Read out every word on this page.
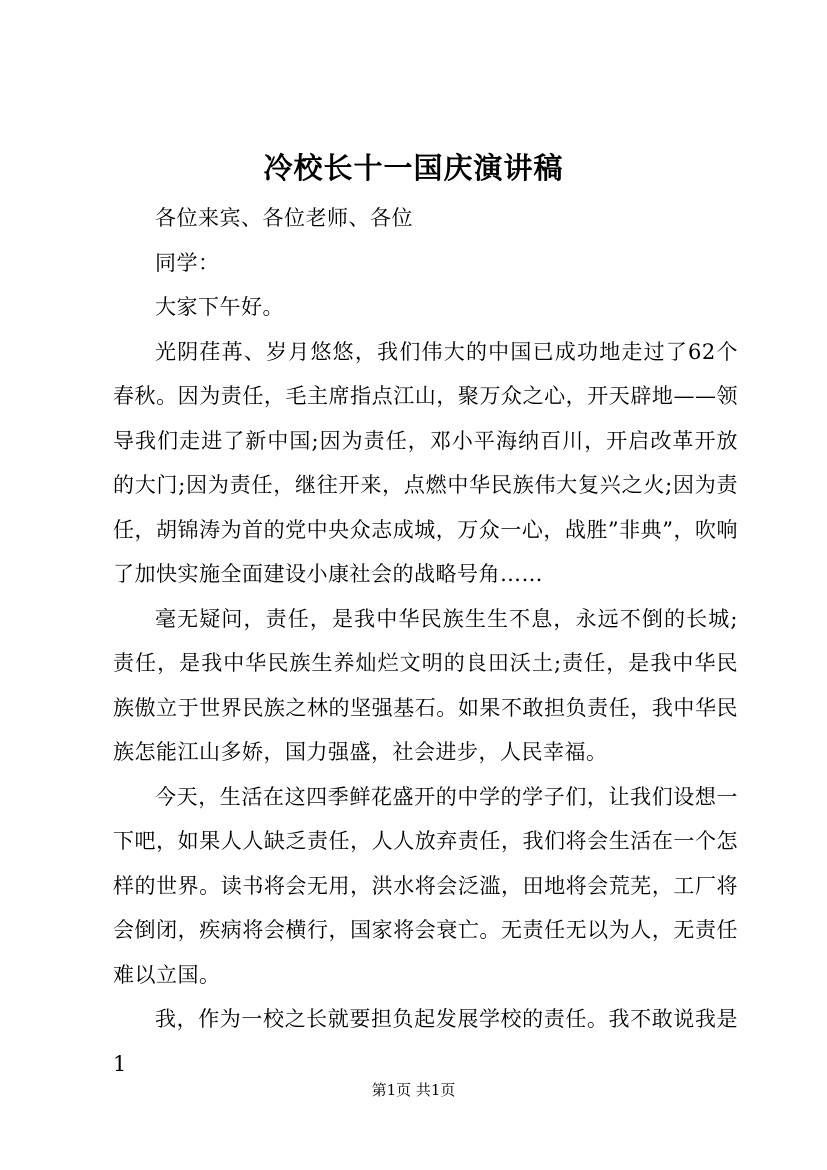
冷校长十一国庆演讲稿

各位来宾、各位老师、各位

同学：

大家下午好。

光阴荏苒、岁月悠悠，我们伟大的中国已成功地走过了62个春秋。因为责任，毛主席指点江山，聚万众之心，开天辟地——领导我们走进了新中国;因为责任，邓小平海纳百川，开启改革开放的大门;因为责任，继往开来，点燃中华民族伟大复兴之火;因为责任，胡锦涛为首的党中央众志成城，万众一心，战胜”非典”，吹响了加快实施全面建设小康社会的战略号角……

毫无疑问，责任，是我中华民族生生不息，永远不倒的长城;责任，是我中华民族生养灿烂文明的良田沃土;责任，是我中华民族傲立于世界民族之林的坚强基石。如果不敢担负责任，我中华民族怎能江山多娇，国力强盛，社会进步，人民幸福。

今天，生活在这四季鲜花盛开的中学的学子们，让我们设想一下吧，如果人人缺乏责任，人人放弃责任，我们将会生活在一个怎样的世界。读书将会无用，洪水将会泛滥，田地将会荒芜，工厂将会倒闭，疾病将会横行，国家将会衰亡。无责任无以为人，无责任难以立国。

我，作为一校之长就要担负起发展学校的责任。我不敢说我是1

第1页 共1页
